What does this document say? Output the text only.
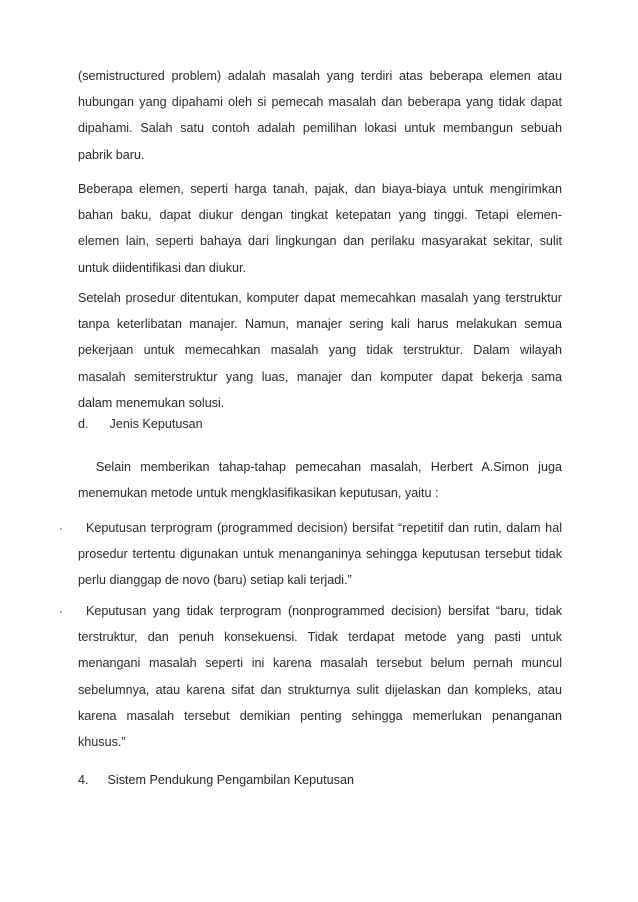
(semistructured problem) adalah masalah yang terdiri atas beberapa elemen atau
hubungan yang dipahami oleh si pemecah masalah dan beberapa yang tidak dapat
dipahami. Salah satu contoh adalah pemilihan lokasi untuk membangun sebuah
pabrik baru.
Beberapa elemen, seperti harga tanah, pajak, dan biaya-biaya untuk mengirimkan
bahan baku, dapat diukur dengan tingkat ketepatan yang tinggi. Tetapi elemen-
elemen lain, seperti bahaya dari lingkungan dan perilaku masyarakat sekitar, sulit
untuk diidentifikasi dan diukur.
Setelah prosedur ditentukan, komputer dapat memecahkan masalah yang terstruktur
tanpa keterlibatan manajer. Namun, manajer sering kali harus melakukan semua
pekerjaan untuk memecahkan masalah yang tidak terstruktur. Dalam wilayah
masalah semiterstruktur yang luas, manajer dan komputer dapat bekerja sama
dalam menemukan solusi.
d. Jenis Keputusan
Selain memberikan tahap-tahap pemecahan masalah, Herbert A.Simon juga
menemukan metode untuk mengklasifikasikan keputusan, yaitu :
·	Keputusan terprogram (programmed decision) bersifat “repetitif dan rutin, dalam hal
prosedur tertentu digunakan untuk menanganinya sehingga keputusan tersebut tidak
perlu dianggap de novo (baru) setiap kali terjadi.”
·	Keputusan yang tidak terprogram (nonprogrammed decision) bersifat “baru, tidak
terstruktur, dan penuh konsekuensi. Tidak terdapat metode yang pasti untuk
menangani masalah seperti ini karena masalah tersebut belum pernah muncul
sebelumnya, atau karena sifat dan strukturnya sulit dijelaskan dan kompleks, atau
karena masalah tersebut demikian penting sehingga memerlukan penanganan
khusus.”
4. Sistem Pendukung Pengambilan Keputusan
